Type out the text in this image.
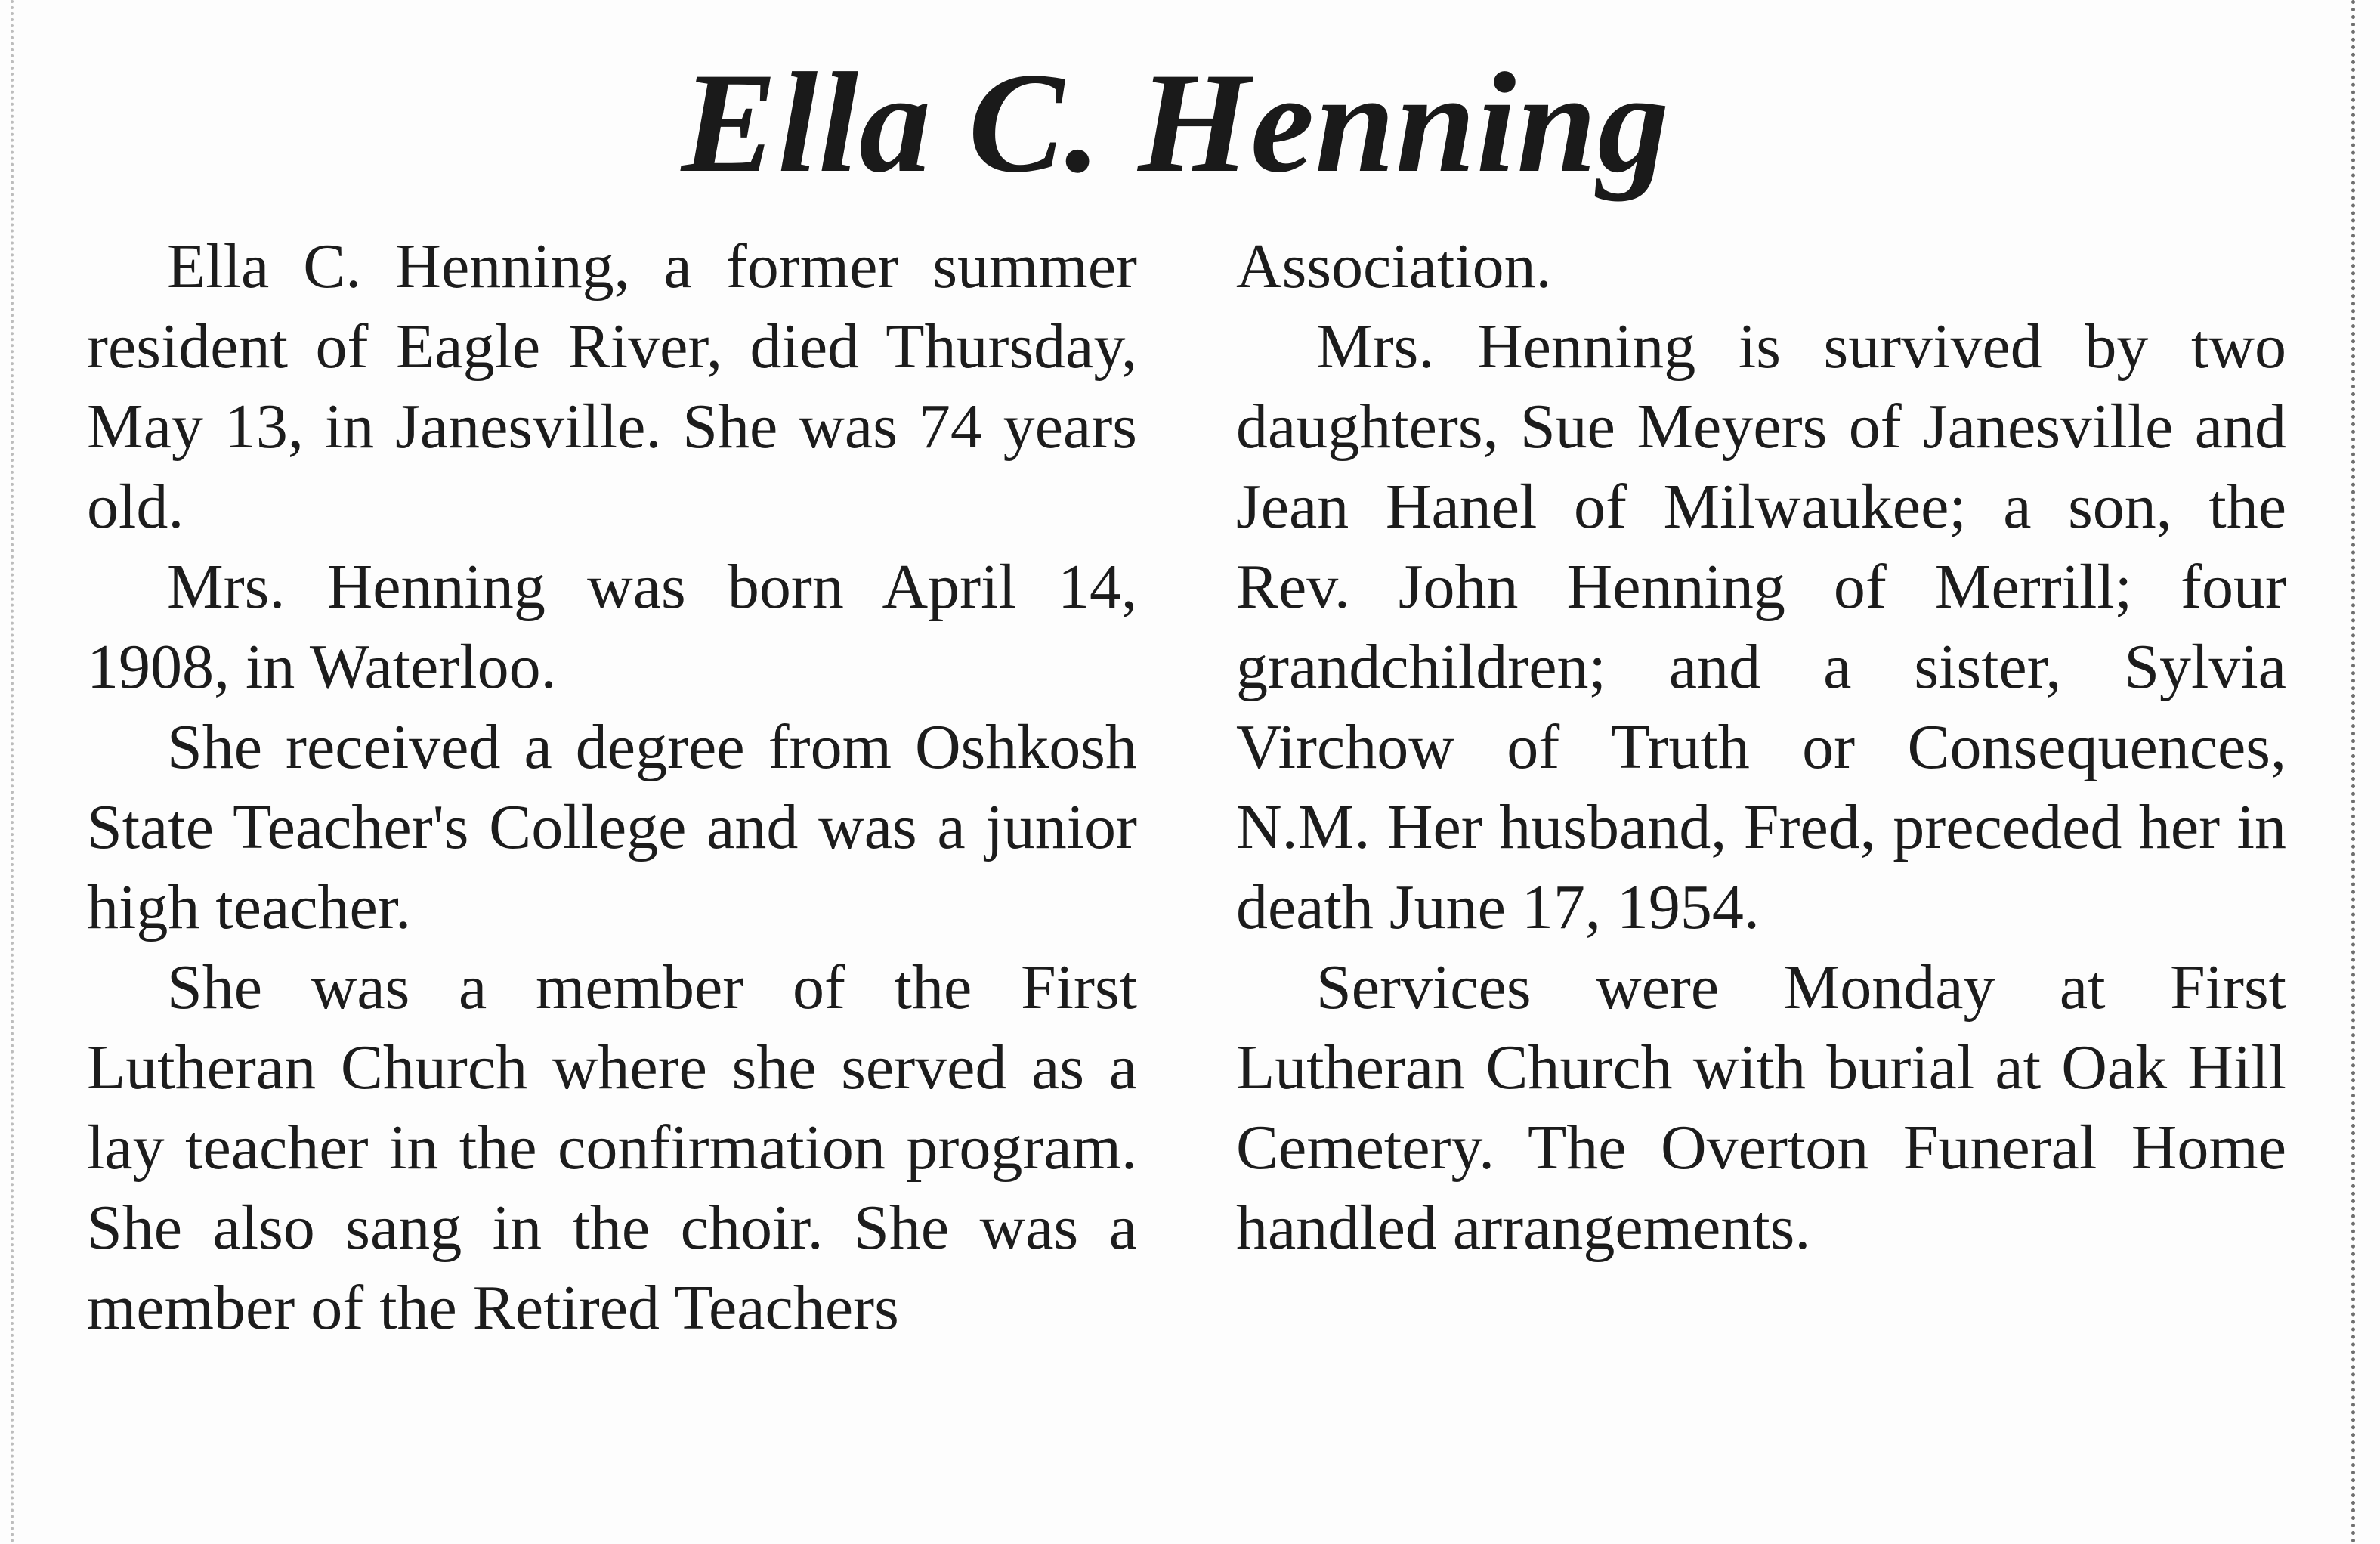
Ella C. Henning

Ella C. Henning, a former summer resident of Eagle River, died Thursday, May 13, in Janesville. She was 74 years old.

Mrs. Henning was born April 14, 1908, in Waterloo.

She received a degree from Oshkosh State Teacher's College and was a junior high teacher.

She was a member of the First Lutheran Church where she served as a lay teacher in the confirmation program. She also sang in the choir. She was a member of the Retired Teachers

Association.

Mrs. Henning is survived by two daughters, Sue Meyers of Janesville and Jean Hanel of Milwaukee; a son, the Rev. John Henning of Merrill; four grandchildren; and a sister, Sylvia Virchow of Truth or Consequences, N.M. Her husband, Fred, preceded her in death June 17, 1954.

Services were Monday at First Lutheran Church with burial at Oak Hill Cemetery. The Overton Funeral Home handled arrangements.
